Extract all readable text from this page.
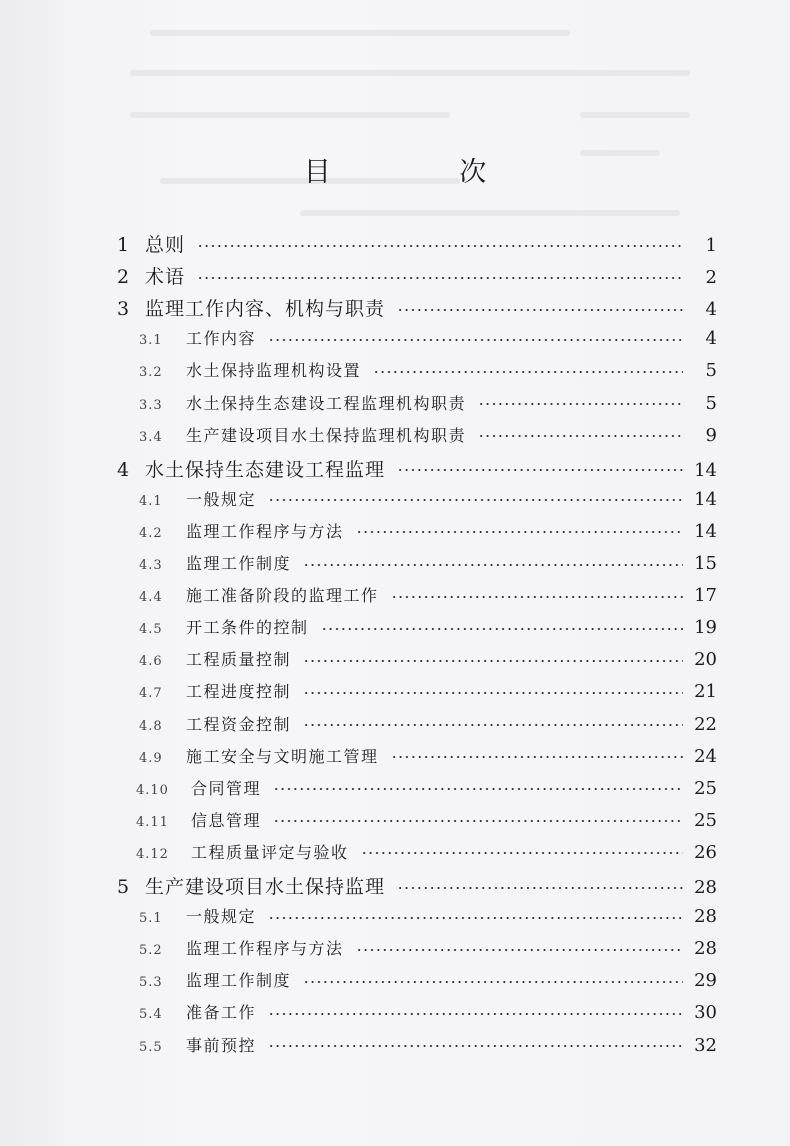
目 次
1 总则	1
2 术语	2
3 监理工作内容、机构与职责	4
3.1	工作内容	4
3.2	水土保持监理机构设置	5
3.3	水土保持生态建设工程监理机构职责	5
3.4	生产建设项目水土保持监理机构职责	9
4 水土保持生态建设工程监理	14
4.1	一般规定	14
4.2	监理工作程序与方法	14
4.3	监理工作制度	15
4.4	施工准备阶段的监理工作	17
4.5	开工条件的控制	19
4.6	工程质量控制	20
4.7	工程进度控制	21
4.8	工程资金控制	22
4.9	施工安全与文明施工管理	24
4.10	合同管理	25
4.11	信息管理	25
4.12	工程质量评定与验收	26
5 生产建设项目水土保持监理	28
5.1	一般规定	28
5.2	监理工作程序与方法	28
5.3	监理工作制度	29
5.4	准备工作	30
5.5	事前预控	32
